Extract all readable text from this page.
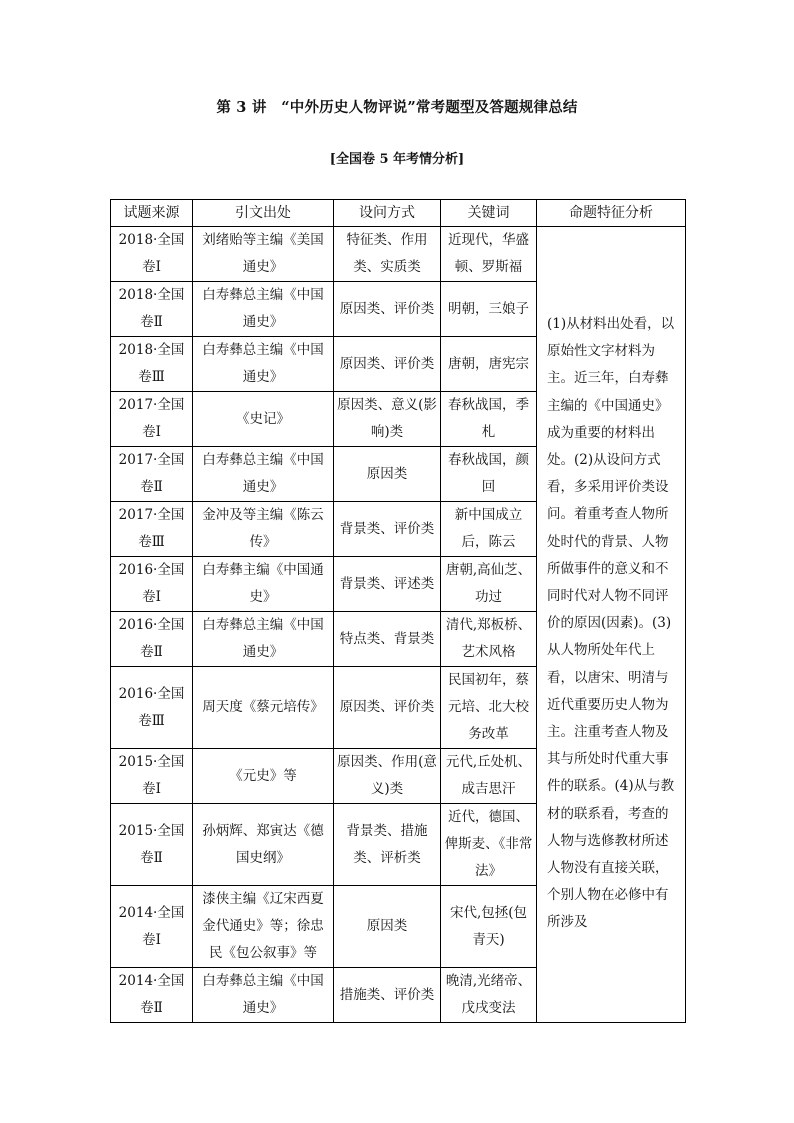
第 3 讲　“中外历史人物评说”常考题型及答题规律总结
[全国卷 5 年考情分析]
试题来源	引文出处	设问方式	关键词	命题特征分析
2018·全国卷Ⅰ	刘绪贻等主编《美国通史》	特征类、作用类、实质类	近现代，华盛顿、罗斯福	(1)从材料出处看，以原始性文字材料为主。近三年，白寿彝主编的《中国通史》成为重要的材料出处。(2)从设问方式看，多采用评价类设问。着重考查人物所处时代的背景、人物所做事件的意义和不同时代对人物不同评价的原因(因素)。(3)从人物所处年代上看，以唐宋、明清与近代重要历史人物为主。注重考查人物及其与所处时代重大事件的联系。(4)从与教材的联系看，考查的人物与选修教材所述人物没有直接关联，个别人物在必修中有所涉及
2018·全国卷Ⅱ	白寿彝总主编《中国通史》	原因类、评价类	明朝，三娘子	
2018·全国卷Ⅲ	白寿彝总主编《中国通史》	原因类、评价类	唐朝，唐宪宗	
2017·全国卷Ⅰ	《史记》	原因类、意义(影响)类	春秋战国，季札	
2017·全国卷Ⅱ	白寿彝总主编《中国通史》	原因类	春秋战国，颜回	
2017·全国卷Ⅲ	金冲及等主编《陈云传》	背景类、评价类	新中国成立后，陈云	
2016·全国卷Ⅰ	白寿彝主编《中国通史》	背景类、评述类	唐朝,高仙芝、功过	
2016·全国卷Ⅱ	白寿彝总主编《中国通史》	特点类、背景类	清代,郑板桥、艺术风格	
2016·全国卷Ⅲ	周天度《蔡元培传》	原因类、评价类	民国初年，蔡元培、北大校务改革	
2015·全国卷Ⅰ	《元史》等	原因类、作用(意义)类	元代,丘处机、成吉思汗	
2015·全国卷Ⅱ	孙炳辉、郑寅达《德国史纲》	背景类、措施类、评析类	近代，德国、俾斯麦、《非常法》	
2014·全国卷Ⅰ	漆侠主编《辽宋西夏金代通史》等；徐忠民《包公叙事》等	原因类	宋代,包拯(包青天)	
2014·全国卷Ⅱ	白寿彝总主编《中国通史》	措施类、评价类	晚清,光绪帝、戊戌变法	
